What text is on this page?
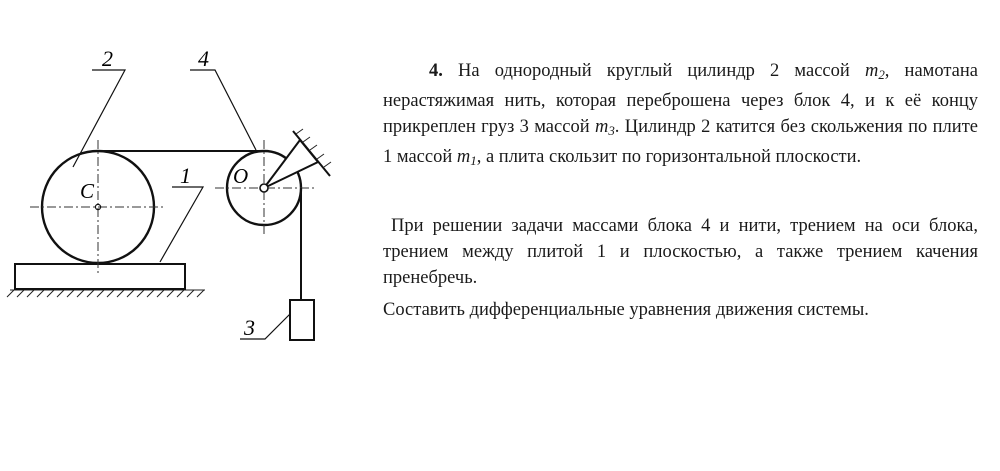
2	4
1
3
C
O

4. На однородный круглый цилиндр 2 массой $m_2$, намотана нерастяжимая нить, которая переброшена через блок 4, и к её концу прикреплен груз 3 массой $m_3$. Цилиндр 2 катится без скольжения по плите 1 массой $m_1$, а плита скользит по горизонтальной плоскости.

При решении задачи массами блока 4 и нити, трением на оси блока, трением между плитой 1 и плоскостью, а также трением качения пренебречь.

Составить дифференциальные уравнения движения системы.
